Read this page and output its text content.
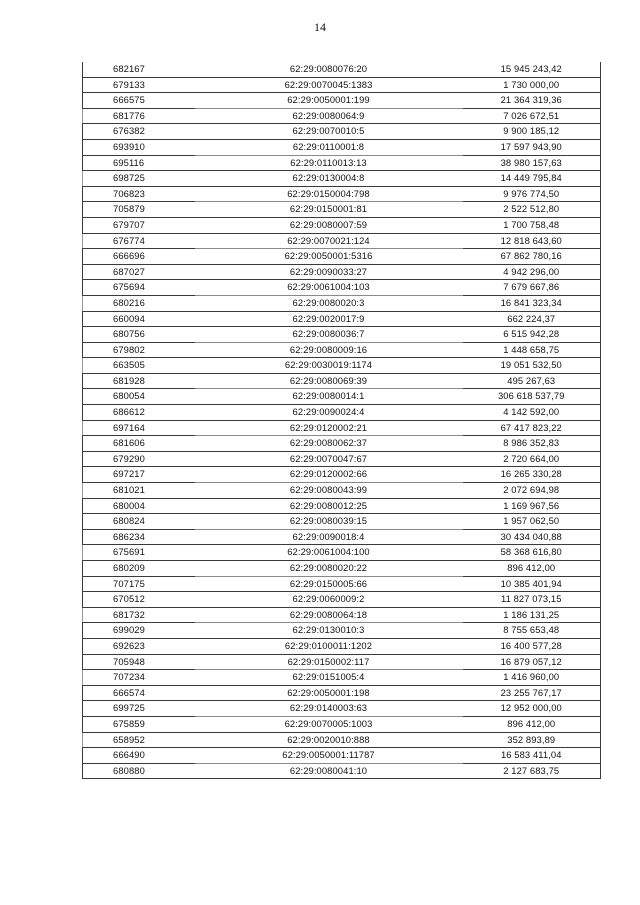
14
682167	62:29:0080076:20	15 945 243,42
679133	62:29:0070045:1383	1 730 000,00
666575	62:29:0050001:199	21 364 319,36
681776	62:29:0080064:9	7 026 672,51
676382	62:29:0070010:5	9 900 185,12
693910	62:29:0110001:8	17 597 943,90
695116	62:29:0110013:13	38 980 157,63
698725	62:29:0130004:8	14 449 795,84
706823	62:29:0150004:798	9 976 774,50
705879	62:29:0150001:81	2 522 512,80
679707	62:29:0080007:59	1 700 758,48
676774	62:29:0070021:124	12 818 643,60
666696	62:29:0050001:5316	67 862 780,16
687027	62:29:0090033:27	4 942 296,00
675694	62:29:0061004:103	7 679 667,86
680216	62:29:0080020:3	16 841 323,34
660094	62:29:0020017:9	662 224,37
680756	62:29:0080036:7	6 515 942,28
679802	62:29:0080009:16	1 448 658,75
663505	62:29:0030019:1174	19 051 532,50
681928	62:29:0080069:39	495 267,63
680054	62:29:0080014:1	306 618 537,79
686612	62:29:0090024:4	4 142 592,00
697164	62:29:0120002:21	67 417 823,22
681606	62:29:0080062:37	8 986 352,83
679290	62:29:0070047:67	2 720 664,00
697217	62:29:0120002:66	16 265 330,28
681021	62:29:0080043:99	2 072 694,98
680004	62:29:0080012:25	1 169 967,56
680824	62:29:0080039:15	1 957 062,50
686234	62:29:0090018:4	30 434 040,88
675691	62:29:0061004:100	58 368 616,80
680209	62:29:0080020:22	896 412,00
707175	62:29:0150005:66	10 385 401,94
670512	62:29:0060009:2	11 827 073,15
681732	62:29:0080064:18	1 186 131,25
699029	62:29:0130010:3	8 755 653,48
692623	62:29:0100011:1202	16 400 577,28
705948	62:29:0150002:117	16 879 057,12
707234	62:29:0151005:4	1 416 960,00
666574	62:29:0050001:198	23 255 767,17
699725	62:29:0140003:63	12 952 000,00
675859	62:29:0070005:1003	896 412,00
658952	62:29:0020010:888	352 893,89
666490	62:29:0050001:11787	16 583 411,04
680880	62:29:0080041:10	2 127 683,75
